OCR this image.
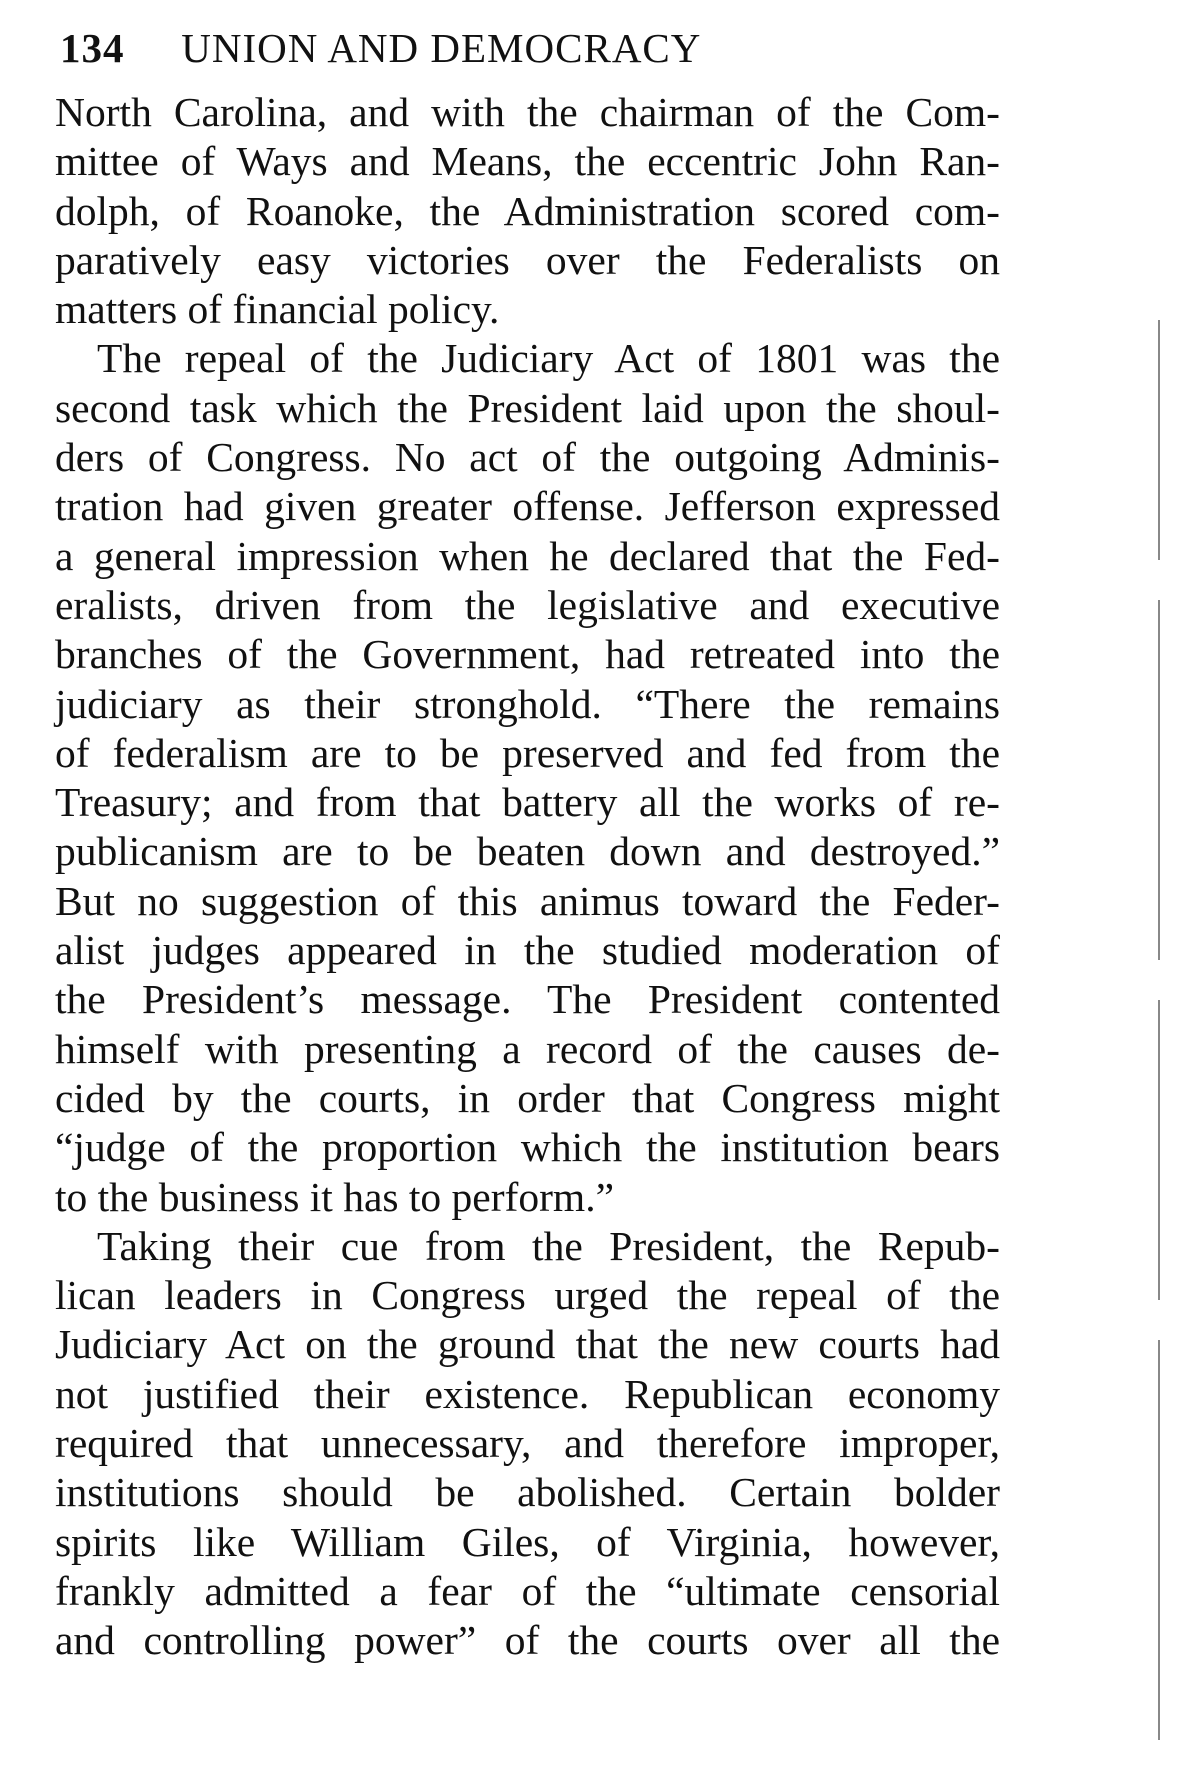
134 UNION AND DEMOCRACY
North Carolina, and with the chairman of the Com-
mittee of Ways and Means, the eccentric John Ran-
dolph, of Roanoke, the Administration scored com-
paratively easy victories over the Federalists on
matters of financial policy.
The repeal of the Judiciary Act of 1801 was the
second task which the President laid upon the shoul-
ders of Congress. No act of the outgoing Adminis-
tration had given greater offense. Jefferson expressed
a general impression when he declared that the Fed-
eralists, driven from the legislative and executive
branches of the Government, had retreated into the
judiciary as their stronghold. “There the remains
of federalism are to be preserved and fed from the
Treasury; and from that battery all the works of re-
publicanism are to be beaten down and destroyed.”
But no suggestion of this animus toward the Feder-
alist judges appeared in the studied moderation of
the President’s message. The President contented
himself with presenting a record of the causes de-
cided by the courts, in order that Congress might
“judge of the proportion which the institution bears
to the business it has to perform.”
Taking their cue from the President, the Repub-
lican leaders in Congress urged the repeal of the
Judiciary Act on the ground that the new courts had
not justified their existence. Republican economy
required that unnecessary, and therefore improper,
institutions should be abolished. Certain bolder
spirits like William Giles, of Virginia, however,
frankly admitted a fear of the “ultimate censorial
and controlling power” of the courts over all the
